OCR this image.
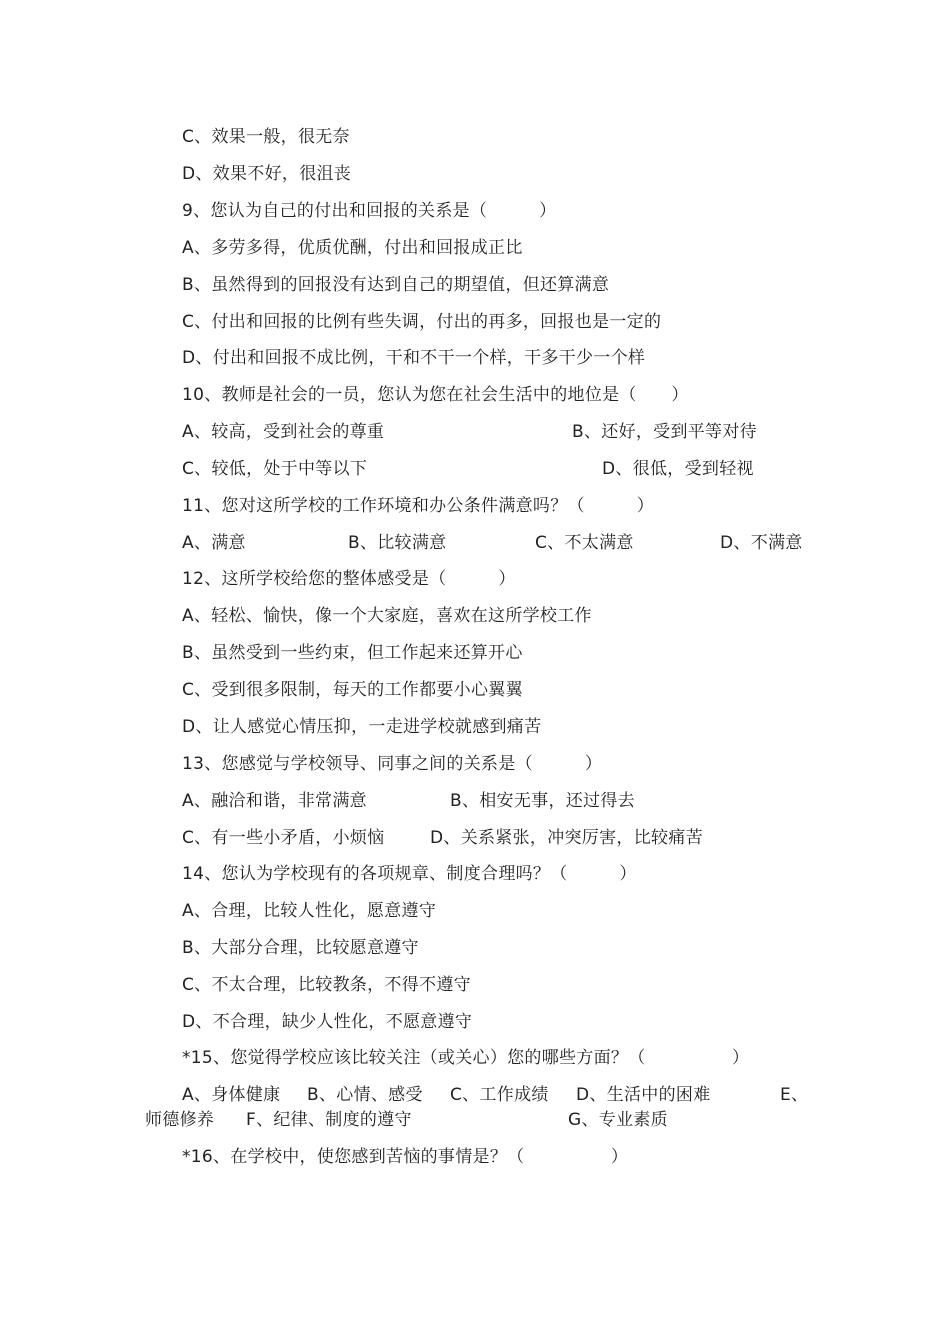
C、效果一般，很无奈
D、效果不好，很沮丧
9、您认为自己的付出和回报的关系是（　　　）
A、多劳多得，优质优酬，付出和回报成正比
B、虽然得到的回报没有达到自己的期望值，但还算满意
C、付出和回报的比例有些失调，付出的再多，回报也是一定的
D、付出和回报不成比例，干和不干一个样，干多干少一个样
10、教师是社会的一员，您认为您在社会生活中的地位是（　　）
A、较高，受到社会的尊重	B、还好，受到平等对待
C、较低，处于中等以下	D、很低，受到轻视
11、您对这所学校的工作环境和办公条件满意吗？（　　　）
A、满意	B、比较满意	C、不太满意	D、不满意
12、这所学校给您的整体感受是（　　　）
A、轻松、愉快，像一个大家庭，喜欢在这所学校工作
B、虽然受到一些约束，但工作起来还算开心
C、受到很多限制，每天的工作都要小心翼翼
D、让人感觉心情压抑，一走进学校就感到痛苦
13、您感觉与学校领导、同事之间的关系是（　　　）
A、融洽和谐，非常满意	B、相安无事，还过得去
C、有一些小矛盾，小烦恼	D、关系紧张，冲突厉害，比较痛苦
14、您认为学校现有的各项规章、制度合理吗？（　　　）
A、合理，比较人性化，愿意遵守
B、大部分合理，比较愿意遵守
C、不太合理，比较教条，不得不遵守
D、不合理，缺少人性化，不愿意遵守
*15、您觉得学校应该比较关注（或关心）您的哪些方面？（　　　　　）
A、身体健康 B、心情、感受 C、工作成绩 D、生活中的困难	E、
师德修养 F、纪律、制度的遵守	G、专业素质
*16、在学校中，使您感到苦恼的事情是？（　　　　　）
